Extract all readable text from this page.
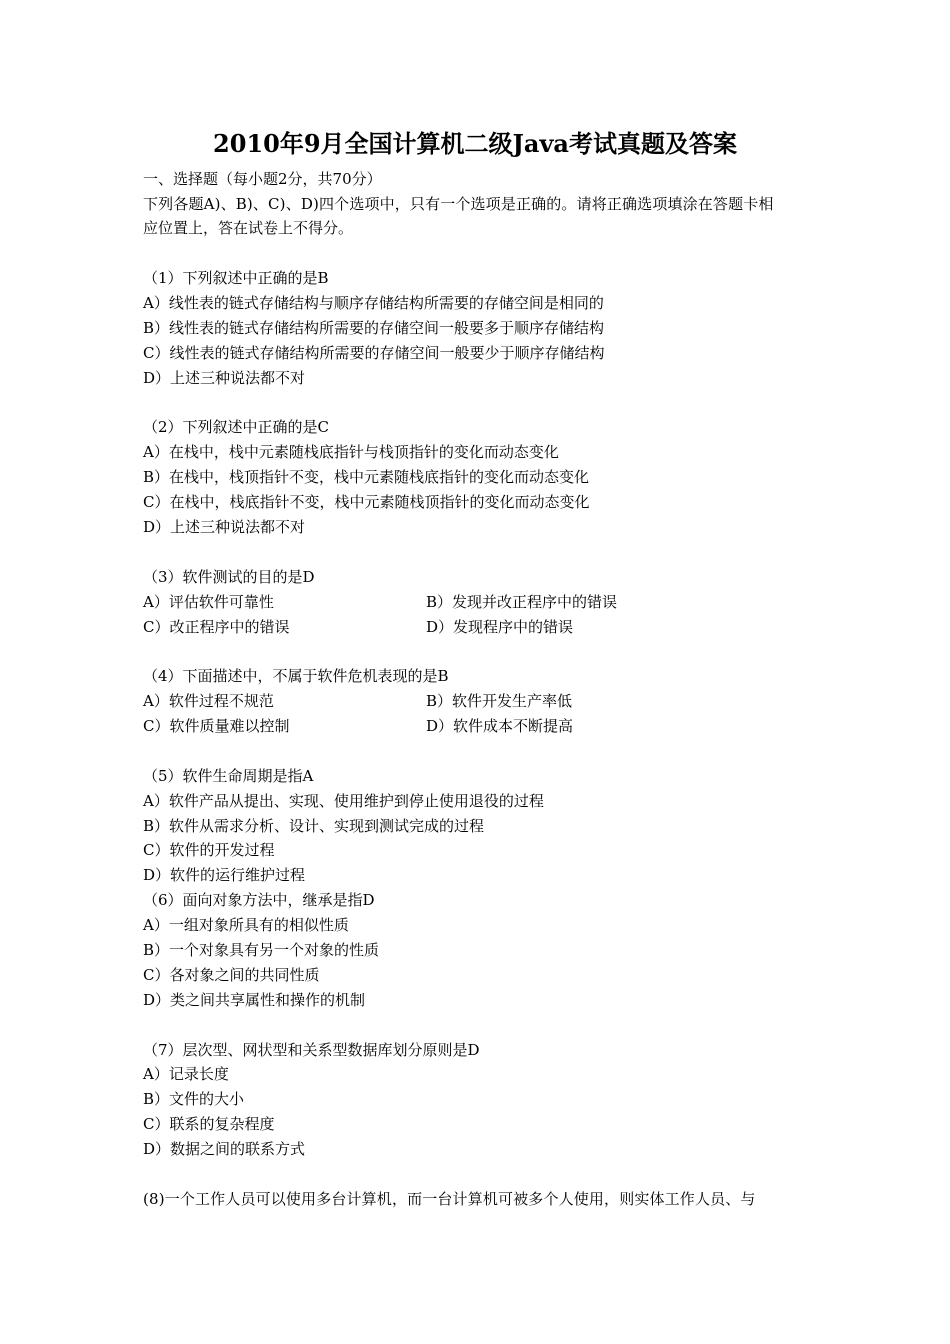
2010年9月全国计算机二级Java考试真题及答案
一、选择题（每小题2分，共70分）
下列各题A)、B)、C)、D)四个选项中，只有一个选项是正确的。请将正确选项填涂在答题卡相
应位置上，答在试卷上不得分。
（1）下列叙述中正确的是B
A）线性表的链式存储结构与顺序存储结构所需要的存储空间是相同的
B）线性表的链式存储结构所需要的存储空间一般要多于顺序存储结构
C）线性表的链式存储结构所需要的存储空间一般要少于顺序存储结构
D）上述三种说法都不对
（2）下列叙述中正确的是C
A）在栈中，栈中元素随栈底指针与栈顶指针的变化而动态变化
B）在栈中，栈顶指针不变，栈中元素随栈底指针的变化而动态变化
C）在栈中，栈底指针不变，栈中元素随栈顶指针的变化而动态变化
D）上述三种说法都不对
（3）软件测试的目的是D
A）评估软件可靠性	B）发现并改正程序中的错误
C）改正程序中的错误	D）发现程序中的错误
（4）下面描述中，不属于软件危机表现的是B
A）软件过程不规范	B）软件开发生产率低
C）软件质量难以控制	D）软件成本不断提高
（5）软件生命周期是指A
A）软件产品从提出、实现、使用维护到停止使用退役的过程
B）软件从需求分析、设计、实现到测试完成的过程
C）软件的开发过程
D）软件的运行维护过程
（6）面向对象方法中，继承是指D
A）一组对象所具有的相似性质
B）一个对象具有另一个对象的性质
C）各对象之间的共同性质
D）类之间共享属性和操作的机制
（7）层次型、网状型和关系型数据库划分原则是D
A）记录长度
B）文件的大小
C）联系的复杂程度
D）数据之间的联系方式
(8)一个工作人员可以使用多台计算机，而一台计算机可被多个人使用，则实体工作人员、与
